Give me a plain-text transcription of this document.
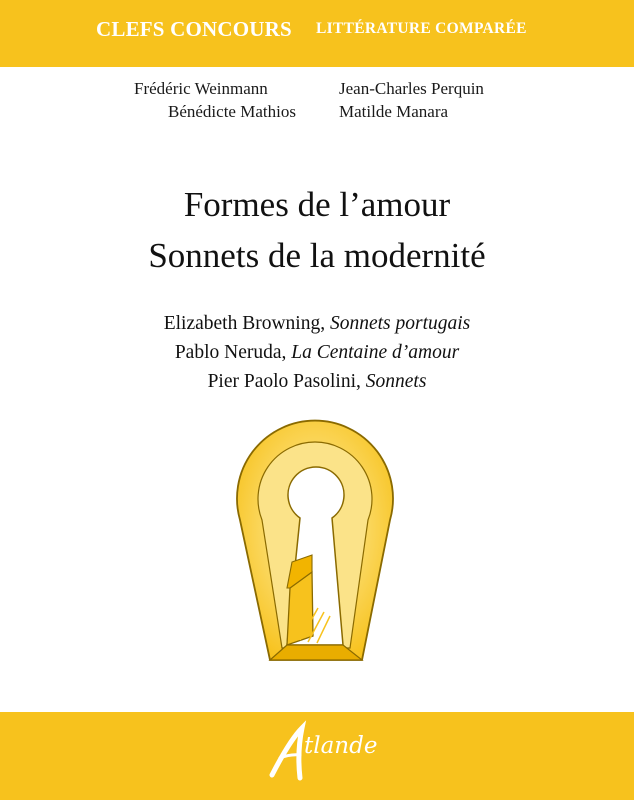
CLEFS CONCOURS LITTÉRATURE COMPARÉE
Frédéric Weinmann	Jean-Charles Perquin
Bénédicte Mathios	Matilde Manara
Formes de l’amour
Sonnets de la modernité
Elizabeth Browning, Sonnets portugais
Pablo Neruda, La Centaine d’amour
Pier Paolo Pasolini, Sonnets
tlande
